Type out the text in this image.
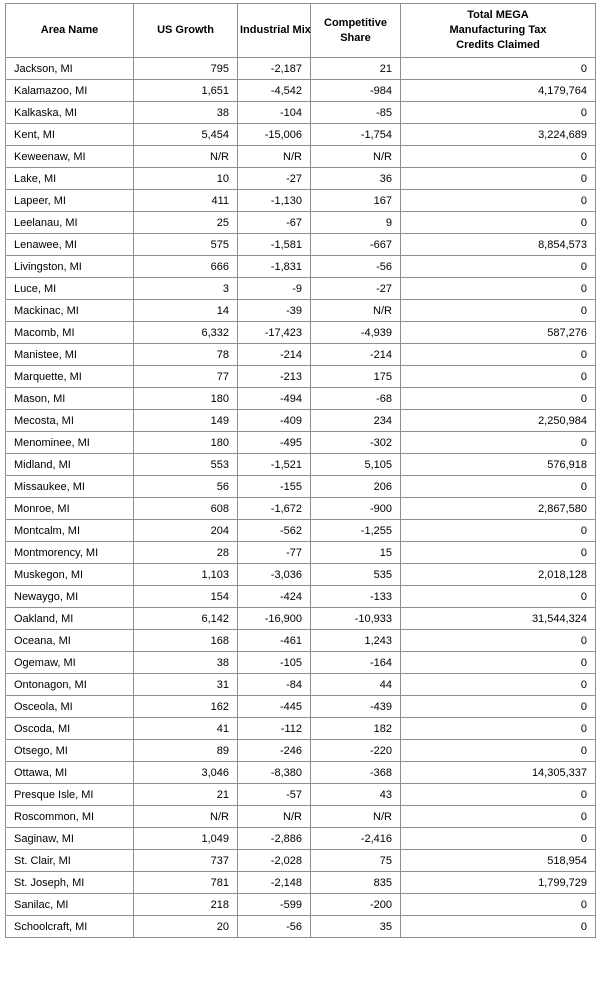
Area Name	US Growth	Industrial Mix	Competitive Share	Total MEGA Manufacturing Tax Credits Claimed
Jackson, MI	795	-2,187	21	0
Kalamazoo, MI	1,651	-4,542	-984	4,179,764
Kalkaska, MI	38	-104	-85	0
Kent, MI	5,454	-15,006	-1,754	3,224,689
Keweenaw, MI	N/R	N/R	N/R	0
Lake, MI	10	-27	36	0
Lapeer, MI	411	-1,130	167	0
Leelanau, MI	25	-67	9	0
Lenawee, MI	575	-1,581	-667	8,854,573
Livingston, MI	666	-1,831	-56	0
Luce, MI	3	-9	-27	0
Mackinac, MI	14	-39	N/R	0
Macomb, MI	6,332	-17,423	-4,939	587,276
Manistee, MI	78	-214	-214	0
Marquette, MI	77	-213	175	0
Mason, MI	180	-494	-68	0
Mecosta, MI	149	-409	234	2,250,984
Menominee, MI	180	-495	-302	0
Midland, MI	553	-1,521	5,105	576,918
Missaukee, MI	56	-155	206	0
Monroe, MI	608	-1,672	-900	2,867,580
Montcalm, MI	204	-562	-1,255	0
Montmorency, MI	28	-77	15	0
Muskegon, MI	1,103	-3,036	535	2,018,128
Newaygo, MI	154	-424	-133	0
Oakland, MI	6,142	-16,900	-10,933	31,544,324
Oceana, MI	168	-461	1,243	0
Ogemaw, MI	38	-105	-164	0
Ontonagon, MI	31	-84	44	0
Osceola, MI	162	-445	-439	0
Oscoda, MI	41	-112	182	0
Otsego, MI	89	-246	-220	0
Ottawa, MI	3,046	-8,380	-368	14,305,337
Presque Isle, MI	21	-57	43	0
Roscommon, MI	N/R	N/R	N/R	0
Saginaw, MI	1,049	-2,886	-2,416	0
St. Clair, MI	737	-2,028	75	518,954
St. Joseph, MI	781	-2,148	835	1,799,729
Sanilac, MI	218	-599	-200	0
Schoolcraft, MI	20	-56	35	0
